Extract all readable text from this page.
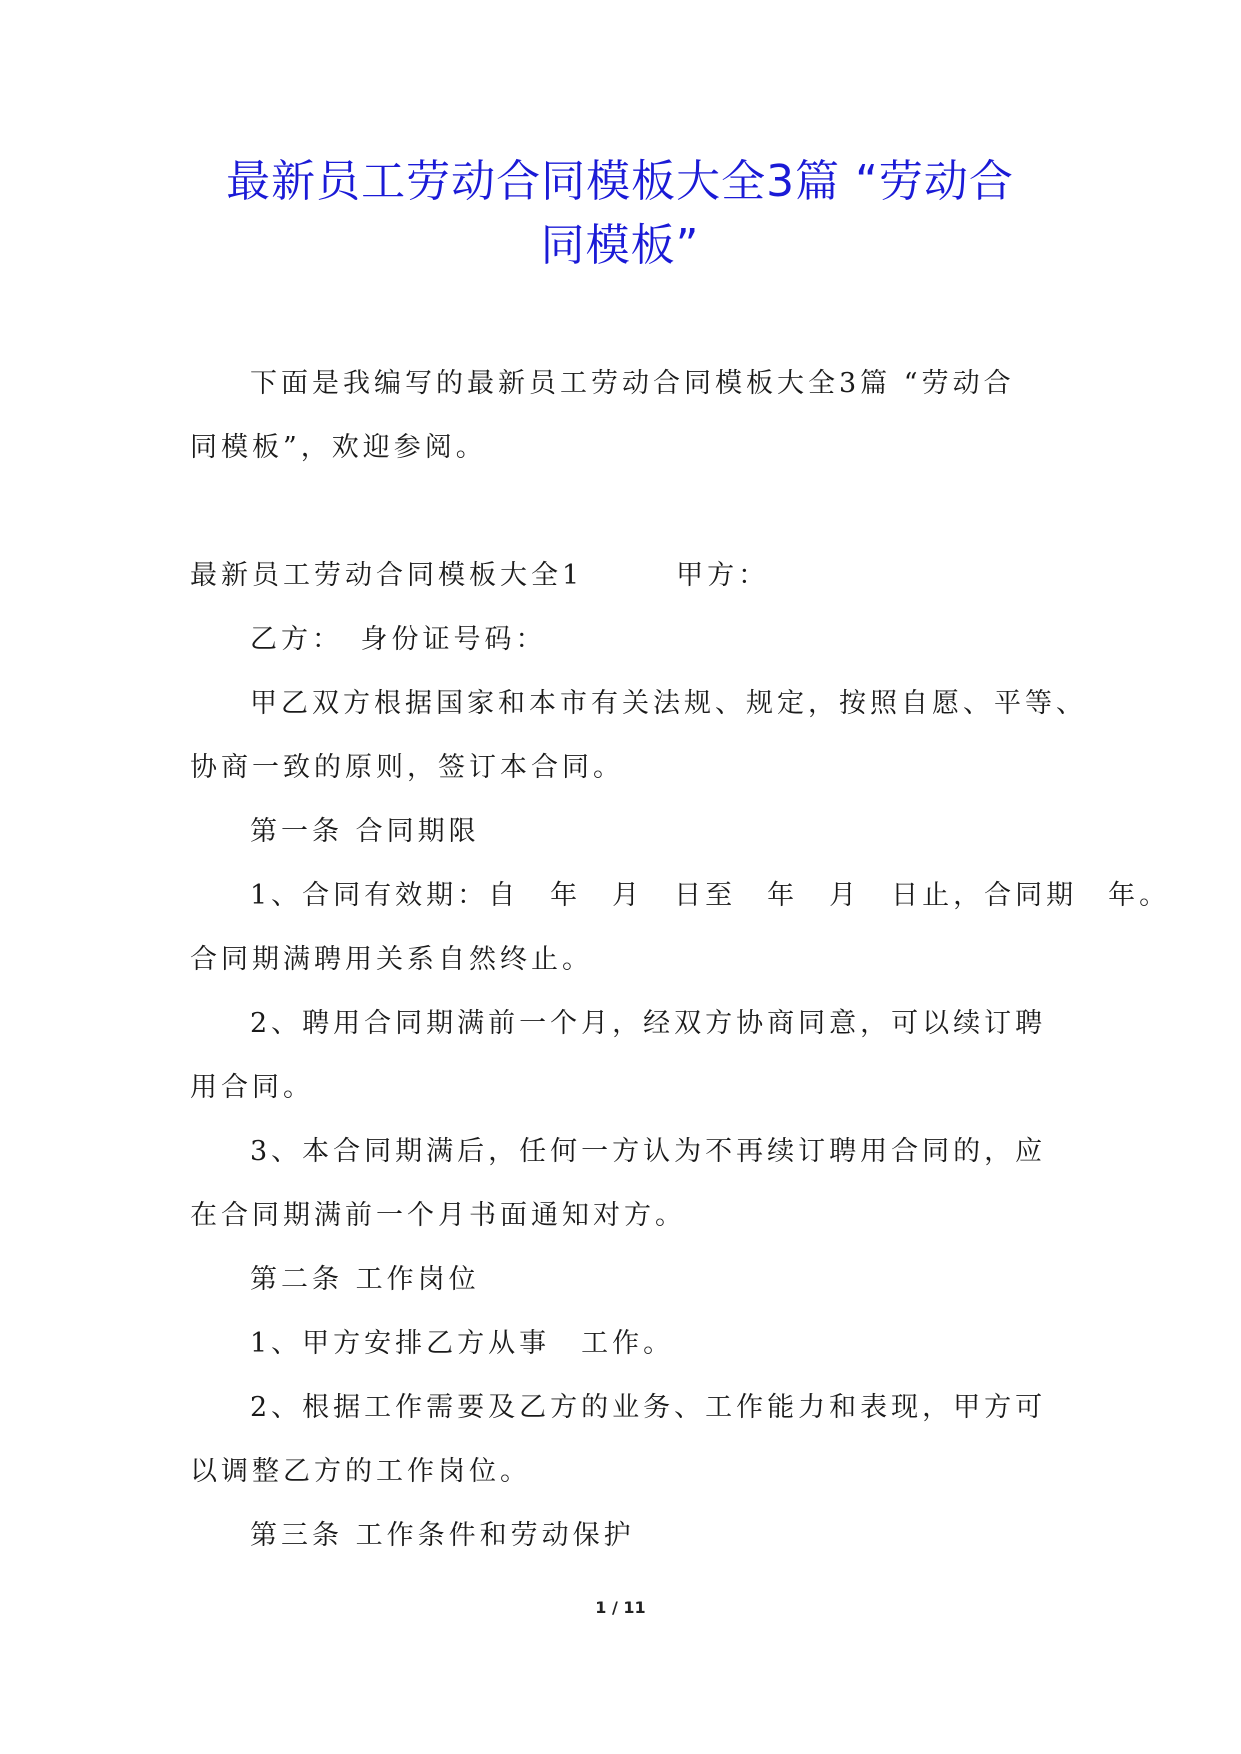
最新员工劳动合同模板大全3篇 “劳动合
同模板”

下面是我编写的最新员工劳动合同模板大全3篇 “劳动合

同模板”，欢迎参阅。

最新员工劳动合同模板大全1　　　甲方：

乙方：　身份证号码：

甲乙双方根据国家和本市有关法规、规定，按照自愿、平等、

协商一致的原则，签订本合同。

第一条 合同期限

1、合同有效期：自　年　月　日至　年　月　日止，合同期　年。

合同期满聘用关系自然终止。

2、聘用合同期满前一个月，经双方协商同意，可以续订聘

用合同。

3、本合同期满后，任何一方认为不再续订聘用合同的，应

在合同期满前一个月书面通知对方。

第二条 工作岗位

1、甲方安排乙方从事　工作。

2、根据工作需要及乙方的业务、工作能力和表现，甲方可

以调整乙方的工作岗位。

第三条 工作条件和劳动保护

1 / 11
